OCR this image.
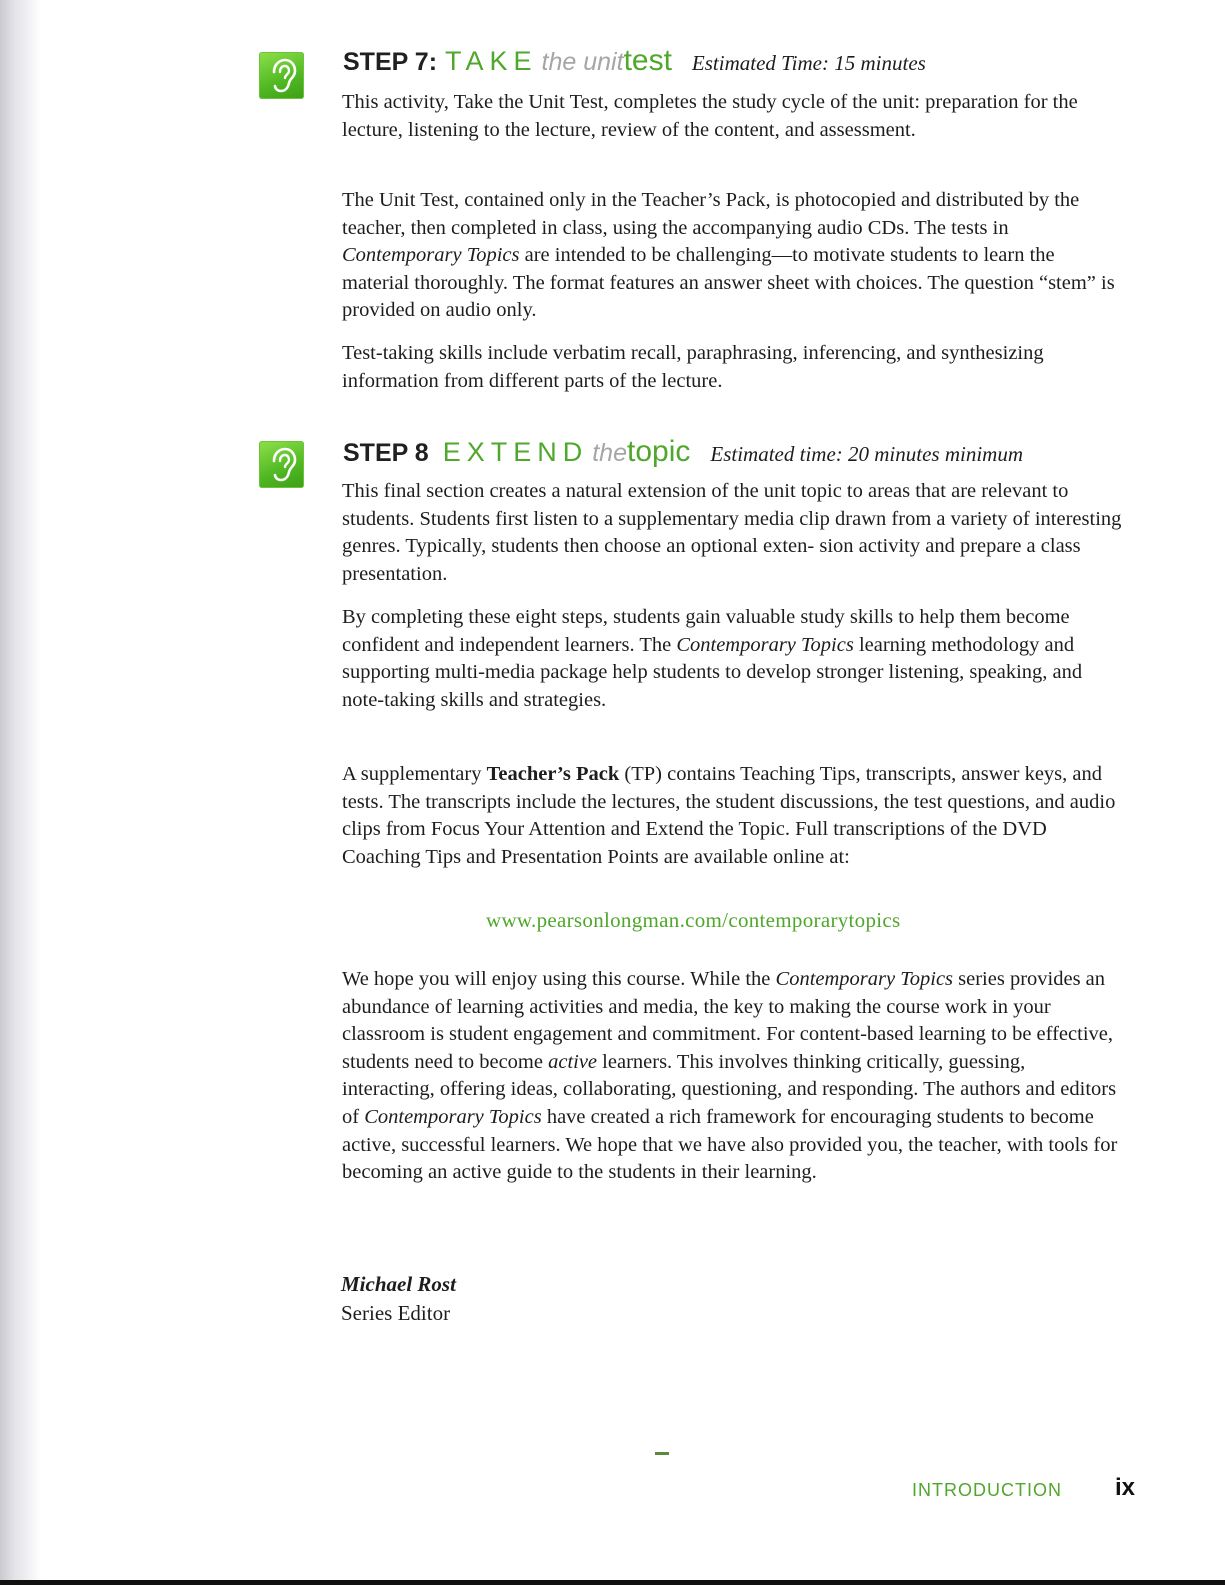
STEP 7: TAKE the unit test Estimated Time: 15 minutes

This activity, Take the Unit Test, completes the study cycle of the unit: preparation for the lecture, listening to the lecture, review of the content, and assessment.

The Unit Test, contained only in the Teacher’s Pack, is photocopied and distributed by the teacher, then completed in class, using the accompanying audio CDs. The tests in Contemporary Topics are intended to be challenging—to motivate students to learn the material thoroughly. The format features an answer sheet with choices. The question “stem” is provided on audio only.

Test-taking skills include verbatim recall, paraphrasing, inferencing, and synthesizing information from different parts of the lecture.

STEP 8 EXTEND the topic Estimated time: 20 minutes minimum

This final section creates a natural extension of the unit topic to areas that are relevant to students. Students first listen to a supplementary media clip drawn from a variety of interesting genres. Typically, students then choose an optional exten- sion activity and prepare a class presentation.

By completing these eight steps, students gain valuable study skills to help them become confident and independent learners. The Contemporary Topics learning methodology and supporting multi-media package help students to develop stronger listening, speaking, and note-taking skills and strategies.

A supplementary Teacher’s Pack (TP) contains Teaching Tips, transcripts, answer keys, and tests. The transcripts include the lectures, the student discussions, the test questions, and audio clips from Focus Your Attention and Extend the Topic. Full transcriptions of the DVD Coaching Tips and Presentation Points are available online at:

www.pearsonlongman.com/contemporarytopics

We hope you will enjoy using this course. While the Contemporary Topics series provides an abundance of learning activities and media, the key to making the course work in your classroom is student engagement and commitment. For content-based learning to be effective, students need to become active learners. This involves thinking critically, guessing, interacting, offering ideas, collaborating, questioning, and responding. The authors and editors of Contemporary Topics have created a rich framework for encouraging students to become active, successful learners. We hope that we have also provided you, the teacher, with tools for becoming an active guide to the students in their learning.

Michael Rost
Series Editor
INTRODUCTION ix
